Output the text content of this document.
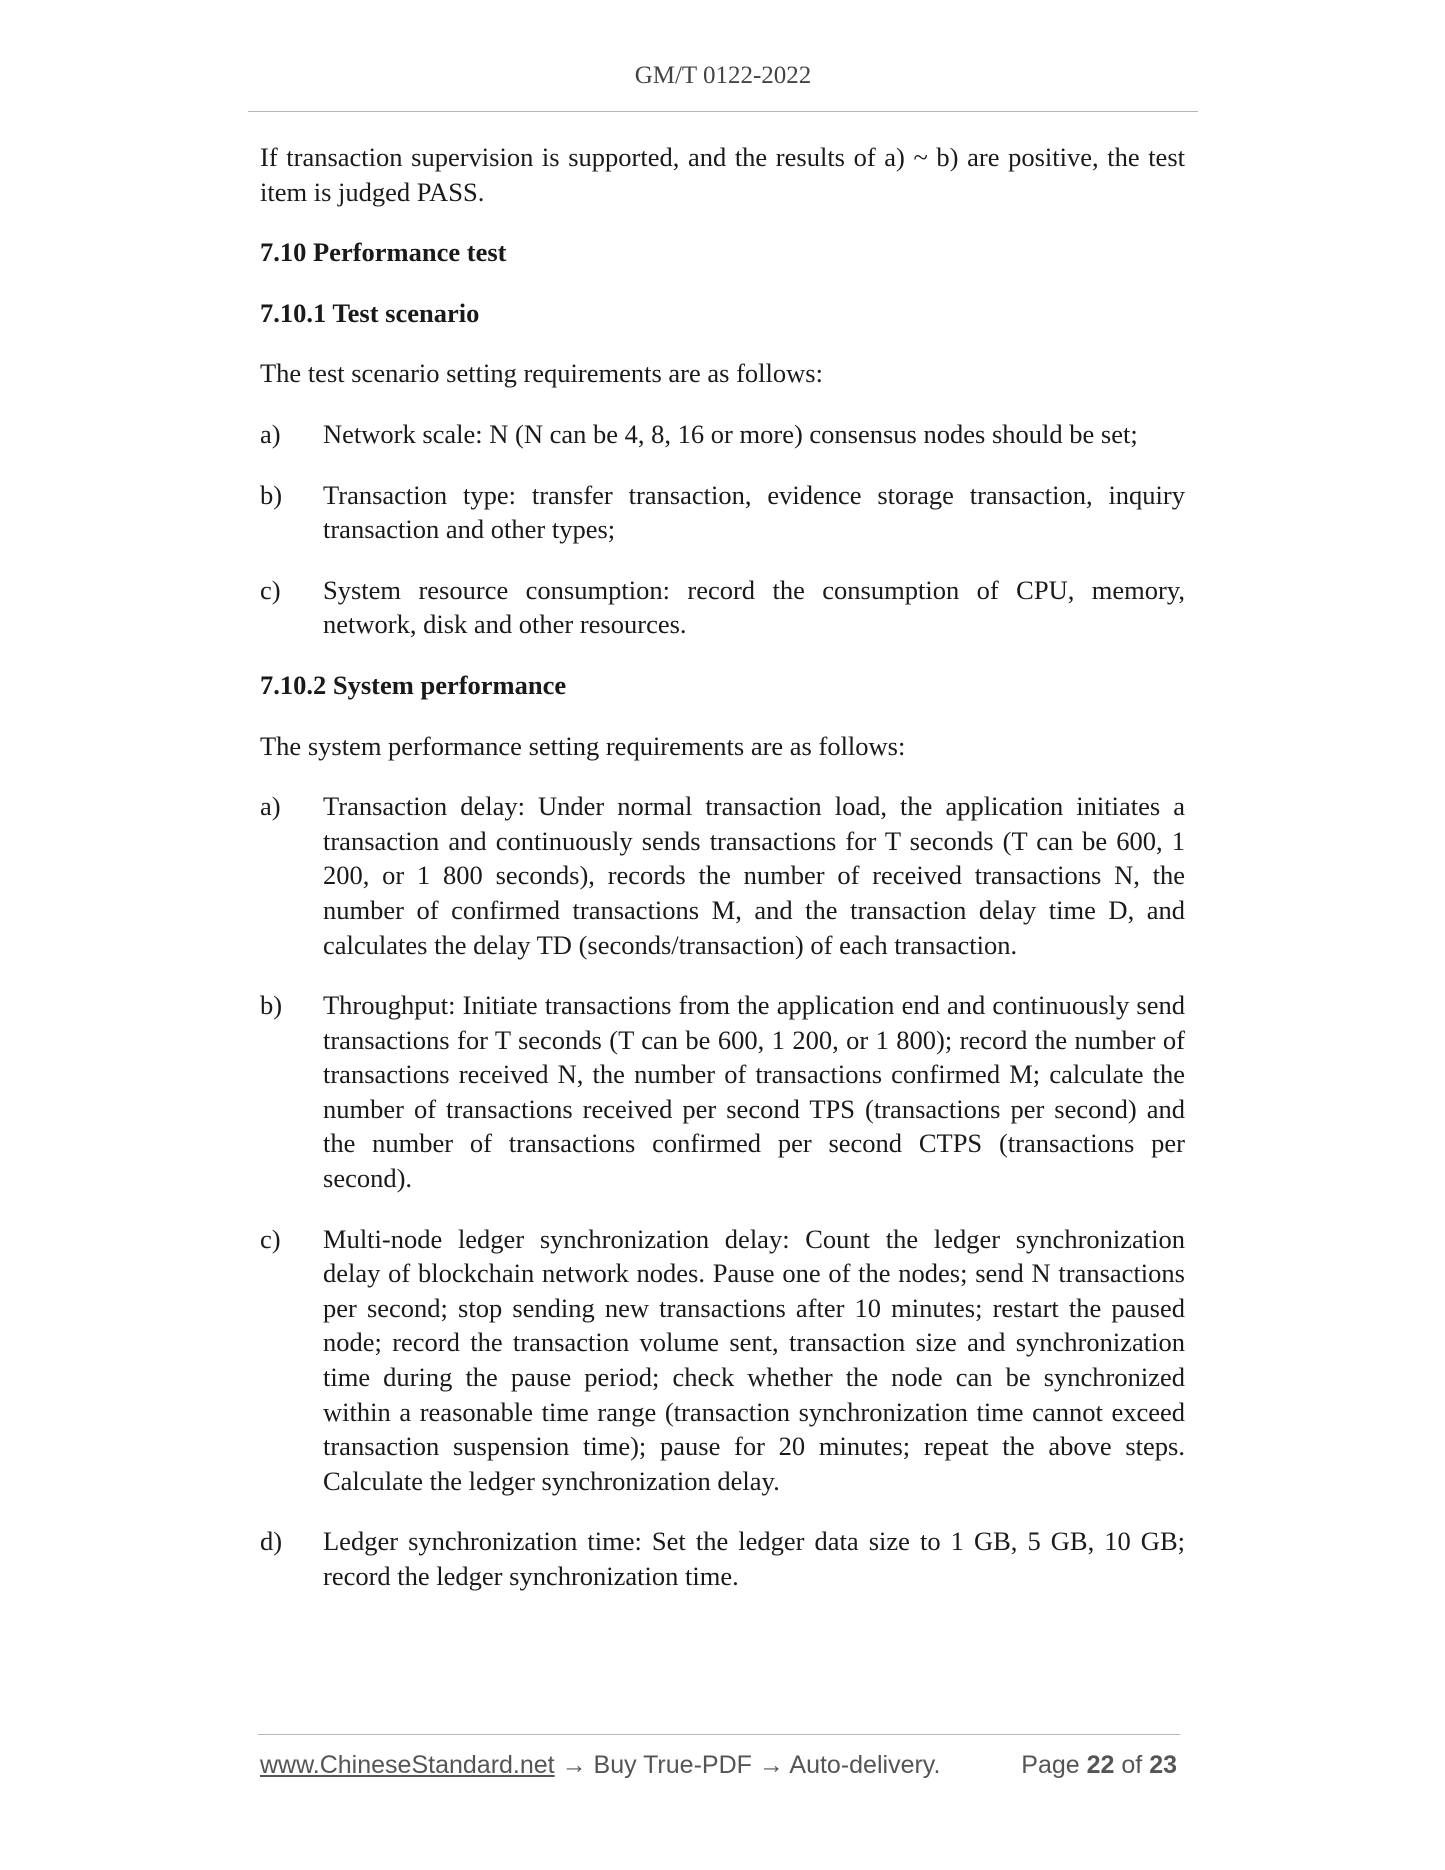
GM/T 0122-2022

If transaction supervision is supported, and the results of a) ~ b) are positive, the test item is judged PASS.

7.10 Performance test

7.10.1 Test scenario

The test scenario setting requirements are as follows:

a) Network scale: N (N can be 4, 8, 16 or more) consensus nodes should be set;
b) Transaction type: transfer transaction, evidence storage transaction, inquiry transaction and other types;
c) System resource consumption: record the consumption of CPU, memory, network, disk and other resources.

7.10.2 System performance

The system performance setting requirements are as follows:

a) Transaction delay: Under normal transaction load, the application initiates a transaction and continuously sends transactions for T seconds (T can be 600, 1 200, or 1 800 seconds), records the number of received transactions N, the number of confirmed transactions M, and the transaction delay time D, and calculates the delay TD (seconds/transaction) of each transaction.
b) Throughput: Initiate transactions from the application end and continuously send transactions for T seconds (T can be 600, 1 200, or 1 800); record the number of transactions received N, the number of transactions confirmed M; calculate the number of transactions received per second TPS (transactions per second) and the number of transactions confirmed per second CTPS (transactions per second).
c) Multi-node ledger synchronization delay: Count the ledger synchronization delay of blockchain network nodes. Pause one of the nodes; send N transactions per second; stop sending new transactions after 10 minutes; restart the paused node; record the transaction volume sent, transaction size and synchronization time during the pause period; check whether the node can be synchronized within a reasonable time range (transaction synchronization time cannot exceed transaction suspension time); pause for 20 minutes; repeat the above steps. Calculate the ledger synchronization delay.
d) Ledger synchronization time: Set the ledger data size to 1 GB, 5 GB, 10 GB; record the ledger synchronization time.
www.ChineseStandard.net → Buy True-PDF → Auto-delivery.	Page 22 of 23
